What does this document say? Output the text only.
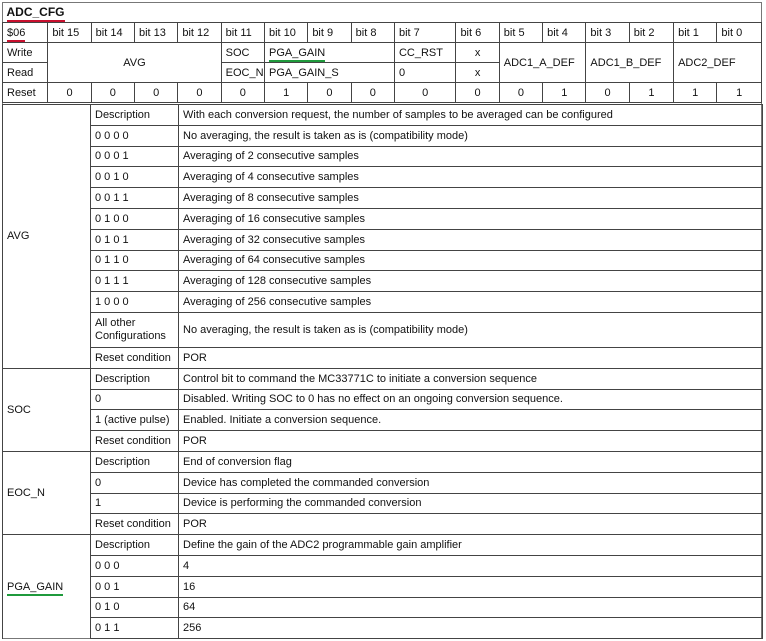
ADC_CFG																
$06	bit 15	bit 14	bit 13	bit 12	bit 11	bit 10	bit 9	bit 8	bit 7	bit 6	bit 5	bit 4	bit 3	bit 2	bit 1	bit 0
Write	AVG				SOC	PGA_GAIN			CC_RST	x	ADC1_A_DEF		ADC1_B_DEF		ADC2_DEF	
Read					EOC_N	PGA_GAIN_S			0	x						
Reset	0	0	0	0	0	1	0	0	0	0	0	1	0	1	1	1
AVG	Description	With each conversion request, the number of samples to be averaged can be configured
	0 0 0 0	No averaging, the result is taken as is (compatibility mode)
	0 0 0 1	Averaging of 2 consecutive samples
	0 0 1 0	Averaging of 4 consecutive samples
	0 0 1 1	Averaging of 8 consecutive samples
	0 1 0 0	Averaging of 16 consecutive samples
	0 1 0 1	Averaging of 32 consecutive samples
	0 1 1 0	Averaging of 64 consecutive samples
	0 1 1 1	Averaging of 128 consecutive samples
	1 0 0 0	Averaging of 256 consecutive samples
	All other Configurations	No averaging, the result is taken as is (compatibility mode)
	Reset condition	POR
SOC	Description	Control bit to command the MC33771C to initiate a conversion sequence
	0	Disabled. Writing SOC to 0 has no effect on an ongoing conversion sequence.
	1 (active pulse)	Enabled. Initiate a conversion sequence.
	Reset condition	POR
EOC_N	Description	End of conversion flag
	0	Device has completed the commanded conversion
	1	Device is performing the commanded conversion
	Reset condition	POR
PGA_GAIN	Description	Define the gain of the ADC2 programmable gain amplifier
	0 0 0	4
	0 0 1	16
	0 1 0	64
	0 1 1	256
